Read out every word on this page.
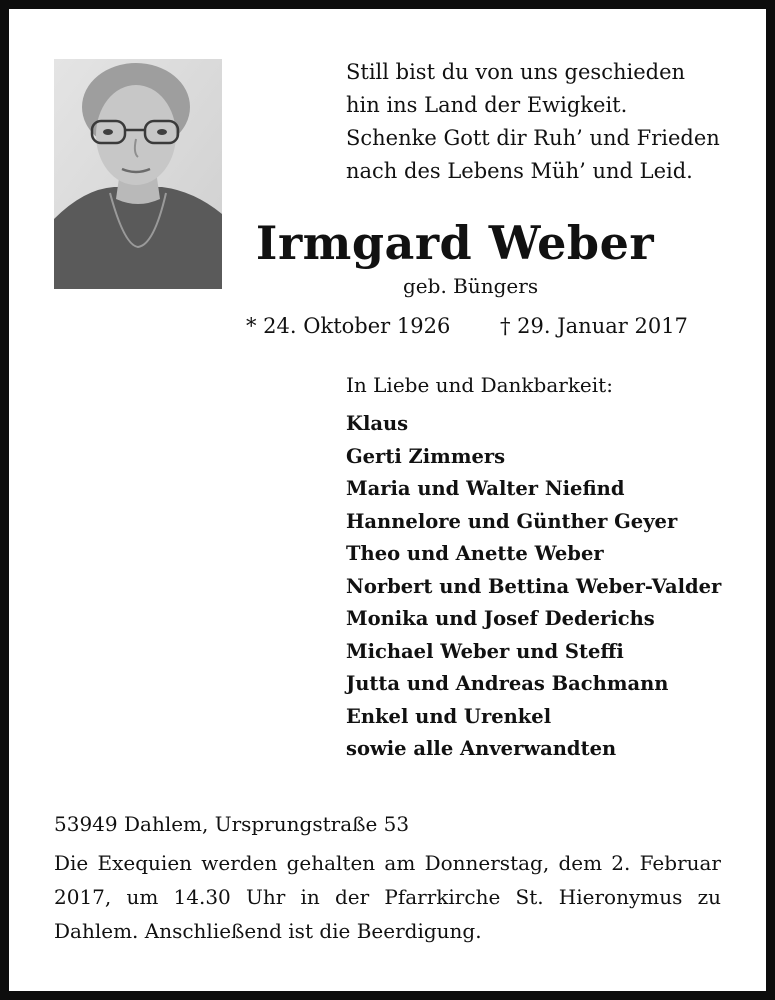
Still bist du von uns geschieden
hin ins Land der Ewigkeit.
Schenke Gott dir Ruh’ und Frieden
nach des Lebens Müh’ und Leid.
Irmgard Weber
geb. Büngers
* 24. Oktober 1926 † 29. Januar 2017
In Liebe und Dankbarkeit:
Klaus
Gerti Zimmers
Maria und Walter Niefind
Hannelore und Günther Geyer
Theo und Anette Weber
Norbert und Bettina Weber-Valder
Monika und Josef Dederichs
Michael Weber und Steffi
Jutta und Andreas Bachmann
Enkel und Urenkel
sowie alle Anverwandten
53949 Dahlem, Ursprungstraße 53
Die Exequien werden gehalten am Donnerstag, dem 2. Februar 2017, um 14.30 Uhr in der Pfarrkirche St. Hieronymus zu Dahlem. Anschließend ist die Beerdigung.
